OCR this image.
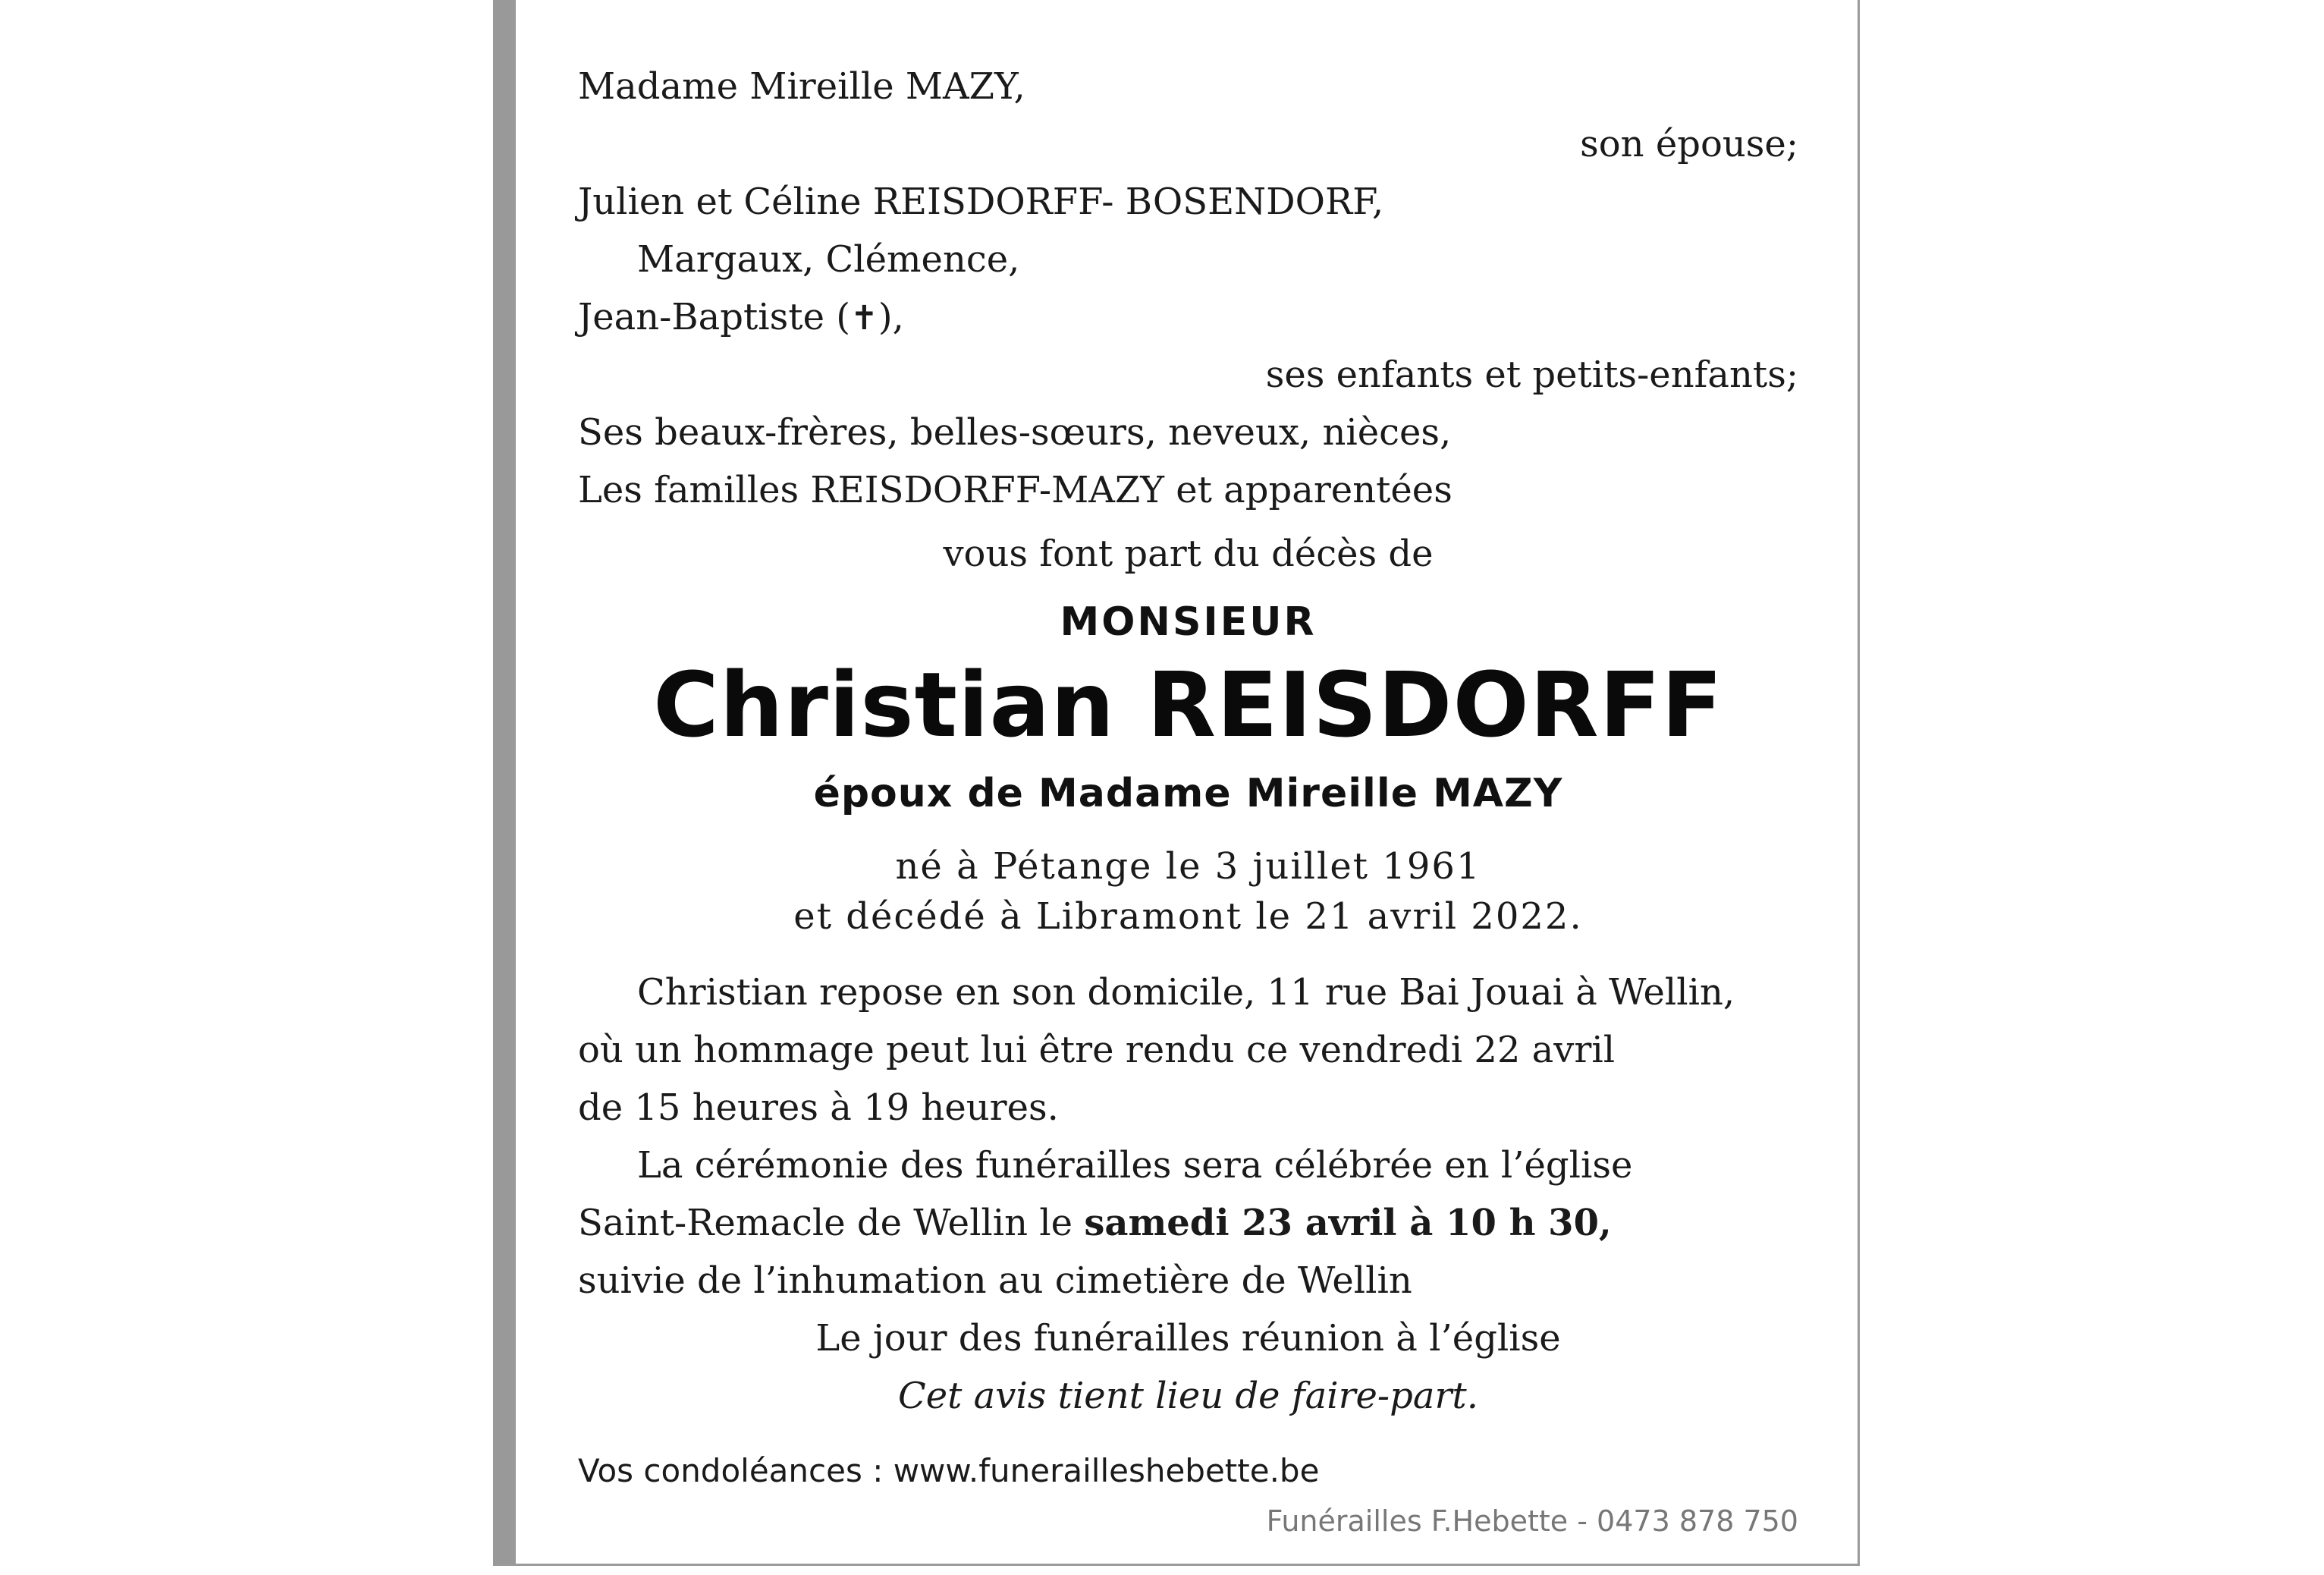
Madame Mireille MAZY,
son épouse;
Julien et Céline REISDORFF- BOSENDORF,
Margaux, Clémence,
Jean-Baptiste (✝),
ses enfants et petits-enfants;
Ses beaux-frères, belles-sœurs, neveux, nièces,
Les familles REISDORFF-MAZY et apparentées
vous font part du décès de
MONSIEUR
Christian REISDORFF
époux de Madame Mireille MAZY
né à Pétange le 3 juillet 1961
et décédé à Libramont le 21 avril 2022.
Christian repose en son domicile, 11 rue Bai Jouai à Wellin,
où un hommage peut lui être rendu ce vendredi 22 avril
de 15 heures à 19 heures.
La cérémonie des funérailles sera célébrée en l’église
Saint-Remacle de Wellin le samedi 23 avril à 10 h 30,
suivie de l’inhumation au cimetière de Wellin
Le jour des funérailles réunion à l’église
Cet avis tient lieu de faire-part.
Vos condoléances : www.funerailleshebette.be
Funérailles F.Hebette - 0473 878 750
